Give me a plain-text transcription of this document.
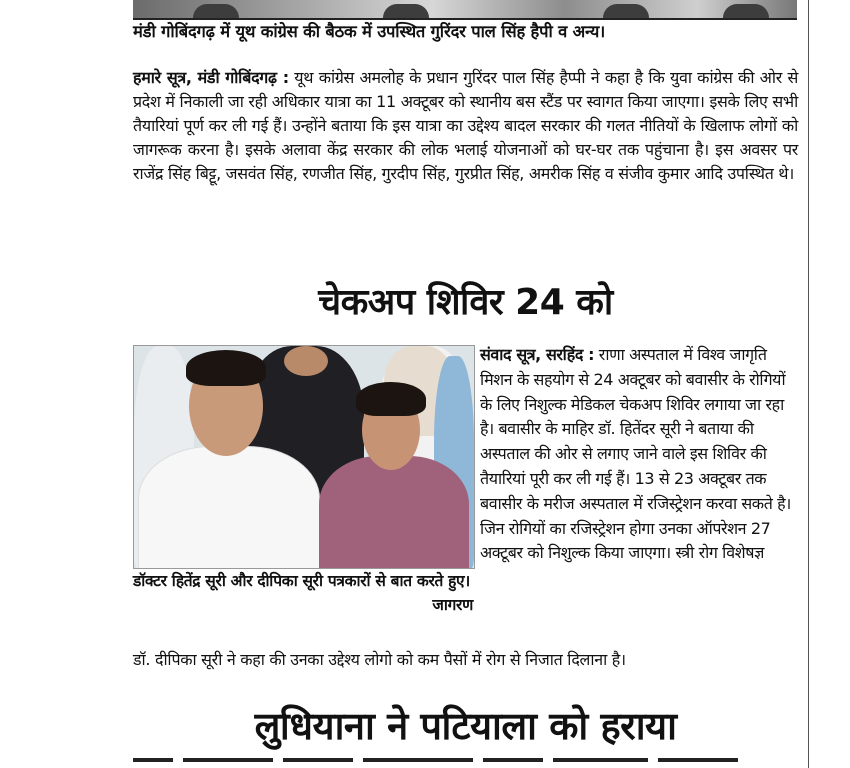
मंडी गोबिंदगढ़ में यूथ कांग्रेस की बैठक में उपस्थित गुरिंदर पाल सिंह हैपी व अन्य।
हमारे सूत्र, मंडी गोबिंदगढ़ : यूथ कांग्रेस अमलोह के प्रधान गुरिंदर पाल सिंह हैप्पी ने कहा है कि युवा कांग्रेस की ओर से प्रदेश में निकाली जा रही अधिकार यात्रा का 11 अक्टूबर को स्थानीय बस स्टैंड पर स्वागत किया जाएगा। इसके लिए सभी तैयारियां पूर्ण कर ली गई हैं। उन्होंने बताया कि इस यात्रा का उद्देश्य बादल सरकार की गलत नीतियों के खिलाफ लोगों को जागरूक करना है। इसके अलावा केंद्र सरकार की लोक भलाई योजनाओं को घर-घर तक पहुंचाना है। इस अवसर पर राजेंद्र सिंह बिट्टू, जसवंत सिंह, रणजीत सिंह, गुरदीप सिंह, गुरप्रीत सिंह, अमरीक सिंह व संजीव कुमार आदि उपस्थित थे।
चेकअप शिविर 24 को
डॉक्टर हितेंद्र सूरी और दीपिका सूरी पत्रकारों से बात करते हुए।
जागरण
संवाद सूत्र, सरहिंद : राणा अस्पताल में विश्व जागृति मिशन के सहयोग से 24 अक्टूबर को बवासीर के रोगियों के लिए निशुल्क मेडिकल चेकअप शिविर लगाया जा रहा है। बवासीर के माहिर डॉ. हितेंदर सूरी ने बताया की अस्पताल की ओर से लगाए जाने वाले इस शिविर की तैयारियां पूरी कर ली गई हैं। 13 से 23 अक्टूबर तक बवासीर के मरीज अस्पताल में रजिस्ट्रेशन करवा सकते है। जिन रोगियों का रजिस्ट्रेशन होगा उनका ऑपरेशन 27 अक्टूबर को निशुल्क किया जाएगा। स्त्री रोग विशेषज्ञ
डॉ. दीपिका सूरी ने कहा की उनका उद्देश्य लोगो को कम पैसों में रोग से निजात दिलाना है।
लुधियाना ने पटियाला को हराया
